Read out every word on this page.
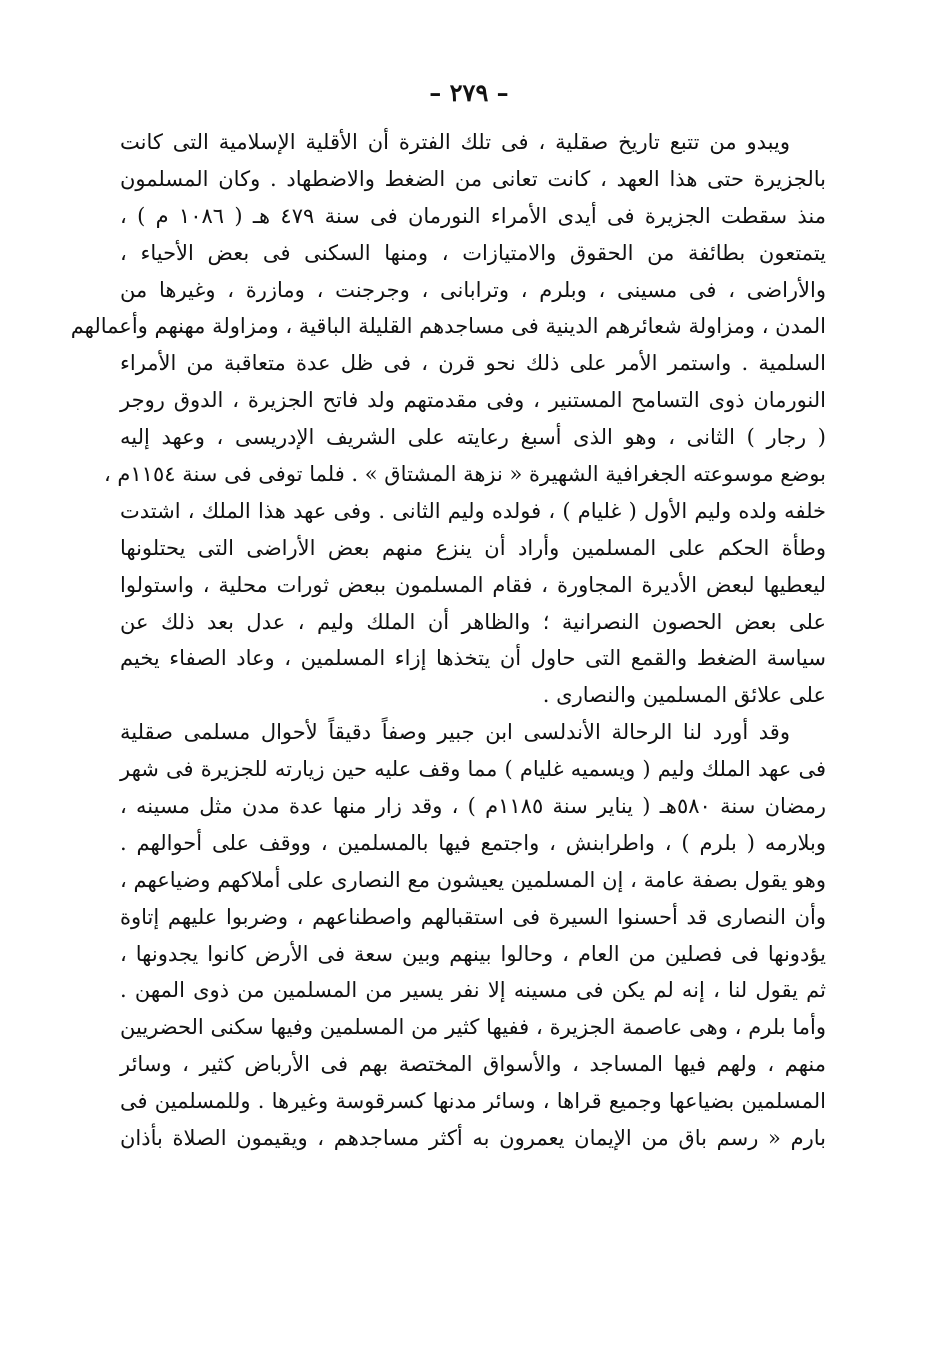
– ٢٧٩ –
ويبدو من تتبع تاريخ صقلية ، فى تلك الفترة أن الأقلية الإسلامية التى كانت
بالجزيرة حتى هذا العهد ، كانت تعانى من الضغط والاضطهاد . وكان المسلمون
منذ سقطت الجزيرة فى أيدى الأمراء النورمان فى سنة ٤٧٩ هـ ( ١٠٨٦ م ) ،
يتمتعون بطائفة من الحقوق والامتيازات ، ومنها السكنى فى بعض الأحياء ،
والأراضى ، فى مسينى ، وبلرم ، وترابانى ، وجرجنت ، ومازرة ، وغيرها من
المدن ، ومزاولة شعائرهم الدينية فى مساجدهم القليلة الباقية ، ومزاولة مهنهم وأعمالهم
السلمية . واستمر الأمر على ذلك نحو قرن ، فى ظل عدة متعاقبة من الأمراء
النورمان ذوى التسامح المستنير ، وفى مقدمتهم ولد فاتح الجزيرة ، الدوق روجر
( رجار ) الثانى ، وهو الذى أسبغ رعايته على الشريف الإدريسى ، وعهد إليه
بوضع موسوعته الجغرافية الشهيرة « نزهة المشتاق » . فلما توفى فى سنة ١١٥٤م ،
خلفه ولده وليم الأول ( غليام ) ، فولده وليم الثانى . وفى عهد هذا الملك ، اشتدت
وطأة الحكم على المسلمين وأراد أن ينزع منهم بعض الأراضى التى يحتلونها
ليعطيها لبعض الأديرة المجاورة ، فقام المسلمون ببعض ثورات محلية ، واستولوا
على بعض الحصون النصرانية ؛ والظاهر أن الملك وليم ، عدل بعد ذلك عن
سياسة الضغط والقمع التى حاول أن يتخذها إزاء المسلمين ، وعاد الصفاء يخيم
على علائق المسلمين والنصارى .
وقد أورد لنا الرحالة الأندلسى ابن جبير وصفاً دقيقاً لأحوال مسلمى صقلية
فى عهد الملك وليم ( ويسميه غليام ) مما وقف عليه حين زيارته للجزيرة فى شهر
رمضان سنة ٥٨٠هـ ( يناير سنة ١١٨٥م ) ، وقد زار منها عدة مدن مثل مسينه ،
وبلارمه ( بلرم ) ، واطرابنش ، واجتمع فيها بالمسلمين ، ووقف على أحوالهم .
وهو يقول بصفة عامة ، إن المسلمين يعيشون مع النصارى على أملاكهم وضياعهم ،
وأن النصارى قد أحسنوا السيرة فى استقبالهم واصطناعهم ، وضربوا عليهم إتاوة
يؤدونها فى فصلين من العام ، وحالوا بينهم وبين سعة فى الأرض كانوا يجدونها ،
ثم يقول لنا ، إنه لم يكن فى مسينه إلا نفر يسير من المسلمين من ذوى المهن .
وأما بلرم ، وهى عاصمة الجزيرة ، ففيها كثير من المسلمين وفيها سكنى الحضريين
منهم ، ولهم فيها المساجد ، والأسواق المختصة بهم فى الأرباض كثير ، وسائر
المسلمين بضياعها وجميع قراها ، وسائر مدنها كسرقوسة وغيرها . وللمسلمين فى
بارم « رسم باق من الإيمان يعمرون به أكثر مساجدهم ، ويقيمون الصلاة بأذان
